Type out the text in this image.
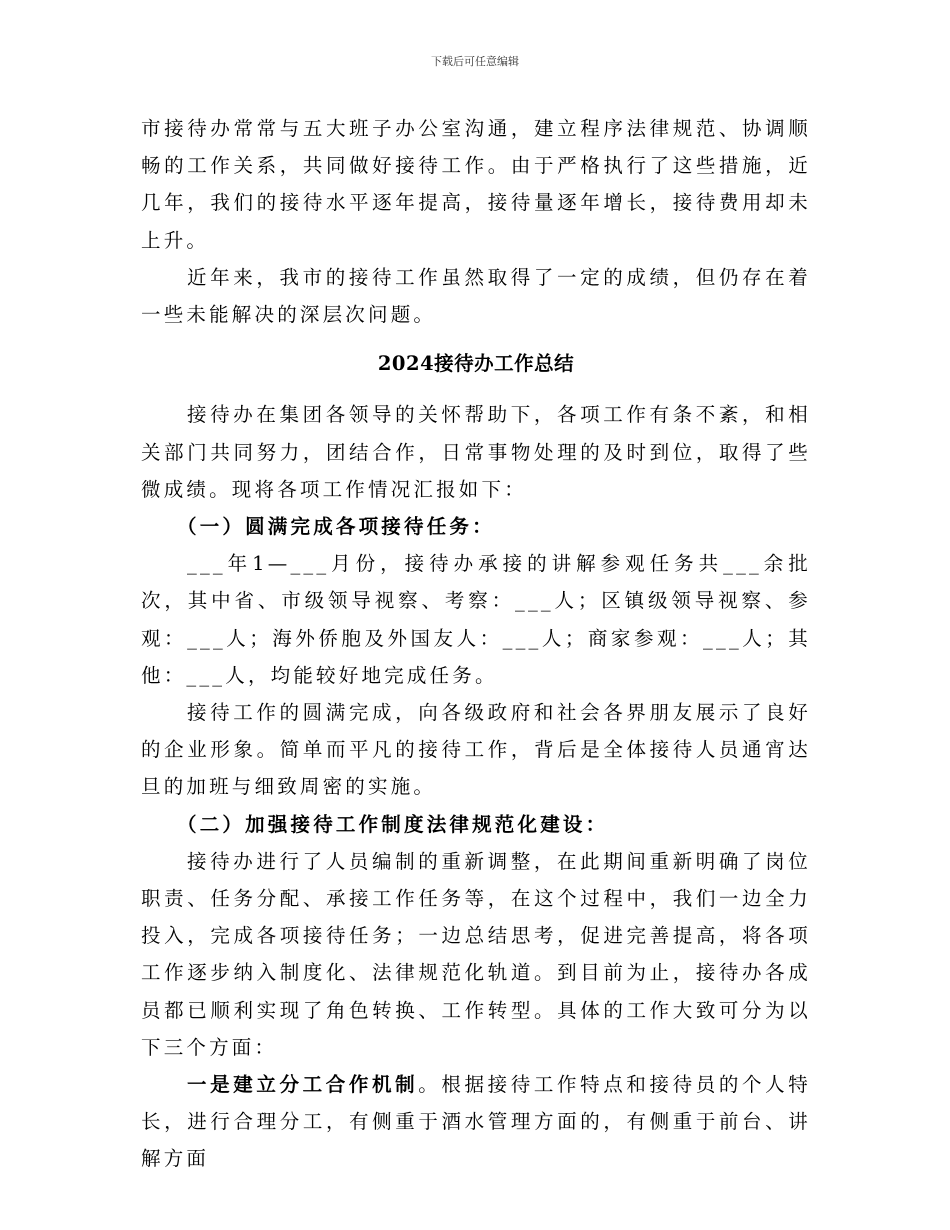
下载后可任意编辑

市接待办常常与五大班子办公室沟通，建立程序法律规范、协调顺畅的工作关系，共同做好接待工作。由于严格执行了这些措施，近几年，我们的接待水平逐年提高，接待量逐年增长，接待费用却未上升。

近年来，我市的接待工作虽然取得了一定的成绩，但仍存在着一些未能解决的深层次问题。

2024接待办工作总结

接待办在集团各领导的关怀帮助下，各项工作有条不紊，和相关部门共同努力，团结合作，日常事物处理的及时到位，取得了些微成绩。现将各项工作情况汇报如下：

（一）圆满完成各项接待任务：

___年1—___月份，接待办承接的讲解参观任务共___余批次，其中省、市级领导视察、考察：___人；区镇级领导视察、参观：___人；海外侨胞及外国友人：___人；商家参观：___人；其他：___人，均能较好地完成任务。

接待工作的圆满完成，向各级政府和社会各界朋友展示了良好的企业形象。简单而平凡的接待工作，背后是全体接待人员通宵达旦的加班与细致周密的实施。

（二）加强接待工作制度法律规范化建设：

接待办进行了人员编制的重新调整，在此期间重新明确了岗位职责、任务分配、承接工作任务等，在这个过程中，我们一边全力投入，完成各项接待任务；一边总结思考，促进完善提高，将各项工作逐步纳入制度化、法律规范化轨道。到目前为止，接待办各成员都已顺利实现了角色转换、工作转型。具体的工作大致可分为以下三个方面：

一是建立分工合作机制。根据接待工作特点和接待员的个人特长，进行合理分工，有侧重于酒水管理方面的，有侧重于前台、讲解方面
